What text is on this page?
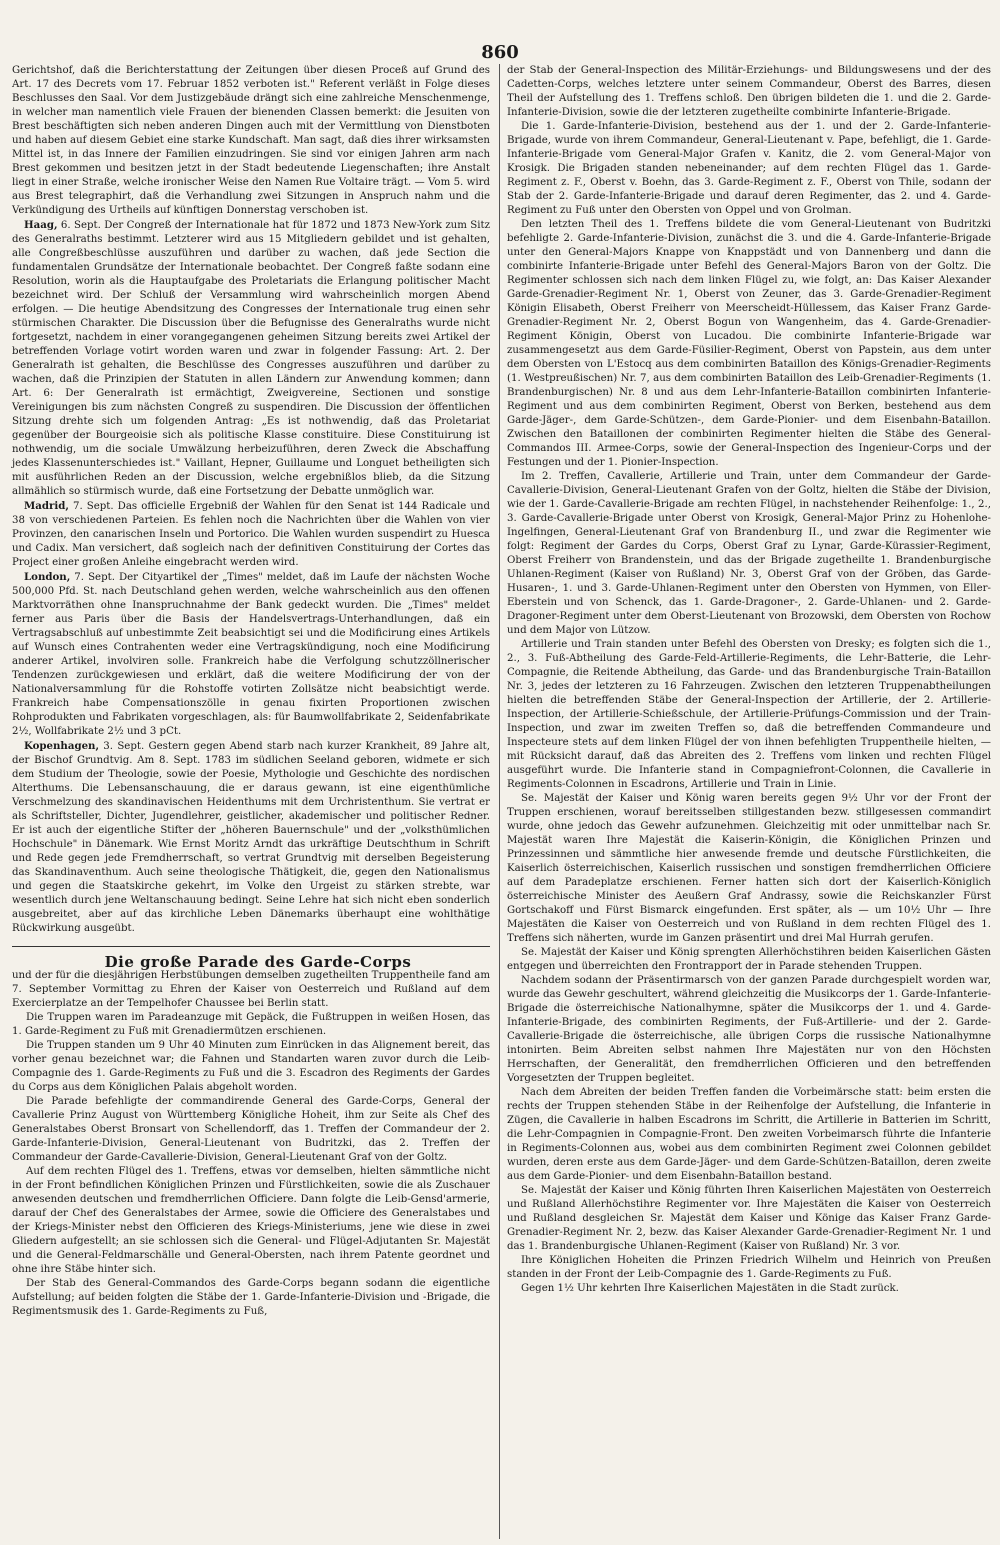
860

Gerichtshof, daß die Berichterstattung der Zeitungen über diesen Proceß auf Grund des Art. 17 des Decrets vom 17. Februar 1852 verboten ist." Referent verläßt in Folge dieses Beschlusses den Saal. Vor dem Justizgebäude drängt sich eine zahlreiche Menschenmenge, in welcher man namentlich viele Frauen der bienenden Classen bemerkt: die Jesuiten von Brest beschäftigten sich neben anderen Dingen auch mit der Vermittlung von Dienstboten und haben auf diesem Gebiet eine starke Kundschaft. Man sagt, daß dies ihrer wirksamsten Mittel ist, in das Innere der Familien einzudringen. Sie sind vor einigen Jahren arm nach Brest gekommen und besitzen jetzt in der Stadt bedeutende Liegenschaften; ihre Anstalt liegt in einer Straße, welche ironischer Weise den Namen Rue Voltaire trägt. — Vom 5. wird aus Brest telegraphirt, daß die Verhandlung zwei Sitzungen in Anspruch nahm und die Verkündigung des Urtheils auf künftigen Donnerstag verschoben ist.

Haag, 6. Sept. Der Congreß der Internationale hat für 1872 und 1873 New-York zum Sitz des Generalraths bestimmt. Letzterer wird aus 15 Mitgliedern gebildet und ist gehalten, alle Congreßbeschlüsse auszuführen und darüber zu wachen, daß jede Section die fundamentalen Grundsätze der Internationale beobachtet. Der Congreß faßte sodann eine Resolution, worin als die Hauptaufgabe des Proletariats die Erlangung politischer Macht bezeichnet wird. Der Schluß der Versammlung wird wahrscheinlich morgen Abend erfolgen. — Die heutige Abendsitzung des Congresses der Internationale trug einen sehr stürmischen Charakter. Die Discussion über die Befugnisse des Generalraths wurde nicht fortgesetzt, nachdem in einer vorangegangenen geheimen Sitzung bereits zwei Artikel der betreffenden Vorlage votirt worden waren und zwar in folgender Fassung: Art. 2. Der Generalrath ist gehalten, die Beschlüsse des Congresses auszuführen und darüber zu wachen, daß die Prinzipien der Statuten in allen Ländern zur Anwendung kommen; dann Art. 6: Der Generalrath ist ermächtigt, Zweigvereine, Sectionen und sonstige Vereinigungen bis zum nächsten Congreß zu suspendiren. Die Discussion der öffentlichen Sitzung drehte sich um folgenden Antrag: „Es ist nothwendig, daß das Proletariat gegenüber der Bourgeoisie sich als politische Klasse constituire. Diese Constituirung ist nothwendig, um die sociale Umwälzung herbeizuführen, deren Zweck die Abschaffung jedes Klassenunterschiedes ist." Vaillant, Hepner, Guillaume und Longuet betheiligten sich mit ausführlichen Reden an der Discussion, welche ergebnißlos blieb, da die Sitzung allmählich so stürmisch wurde, daß eine Fortsetzung der Debatte unmöglich war.

Madrid, 7. Sept. Das officielle Ergebniß der Wahlen für den Senat ist 144 Radicale und 38 von verschiedenen Parteien. Es fehlen noch die Nachrichten über die Wahlen von vier Provinzen, den canarischen Inseln und Portorico. Die Wahlen wurden suspendirt zu Huesca und Cadix. Man versichert, daß sogleich nach der definitiven Constituirung der Cortes das Project einer großen Anleihe eingebracht werden wird.

London, 7. Sept. Der Cityartikel der „Times" meldet, daß im Laufe der nächsten Woche 500,000 Pfd. St. nach Deutschland gehen werden, welche wahrscheinlich aus den offenen Marktvorräthen ohne Inanspruchnahme der Bank gedeckt wurden. Die „Times" meldet ferner aus Paris über die Basis der Handelsvertrags-Unterhandlungen, daß ein Vertragsabschluß auf unbestimmte Zeit beabsichtigt sei und die Modificirung eines Artikels auf Wunsch eines Contrahenten weder eine Vertragskündigung, noch eine Modificirung anderer Artikel, involviren solle. Frankreich habe die Verfolgung schutzzöllnerischer Tendenzen zurückgewiesen und erklärt, daß die weitere Modificirung der von der Nationalversammlung für die Rohstoffe votirten Zollsätze nicht beabsichtigt werde. Frankreich habe Compensationszölle in genau fixirten Proportionen zwischen Rohprodukten und Fabrikaten vorgeschlagen, als: für Baumwollfabrikate 2, Seidenfabrikate 2½, Wollfabrikate 2½ und 3 pCt.

Kopenhagen, 3. Sept. Gestern gegen Abend starb nach kurzer Krankheit, 89 Jahre alt, der Bischof Grundtvig. Am 8. Sept. 1783 im südlichen Seeland geboren, widmete er sich dem Studium der Theologie, sowie der Poesie, Mythologie und Geschichte des nordischen Alterthums. Die Lebensanschauung, die er daraus gewann, ist eine eigenthümliche Verschmelzung des skandinavischen Heidenthums mit dem Urchristenthum. Sie vertrat er als Schriftsteller, Dichter, Jugendlehrer, geistlicher, akademischer und politischer Redner. Er ist auch der eigentliche Stifter der „höheren Bauernschule" und der „volksthümlichen Hochschule" in Dänemark. Wie Ernst Moritz Arndt das urkräftige Deutschthum in Schrift und Rede gegen jede Fremdherrschaft, so vertrat Grundtvig mit derselben Begeisterung das Skandinaventhum. Auch seine theologische Thätigkeit, die, gegen den Nationalismus und gegen die Staatskirche gekehrt, im Volke den Urgeist zu stärken strebte, war wesentlich durch jene Weltanschauung bedingt. Seine Lehre hat sich nicht eben sonderlich ausgebreitet, aber auf das kirchliche Leben Dänemarks überhaupt eine wohlthätige Rückwirkung ausgeübt.

Die große Parade des Garde-Corps

und der für die diesjährigen Herbstübungen demselben zugetheilten Truppentheile fand am 7. September Vormittag zu Ehren der Kaiser von Oesterreich und Rußland auf dem Exercierplatze an der Tempelhofer Chaussee bei Berlin statt.

Die Truppen waren im Paradeanzuge mit Gepäck, die Fußtruppen in weißen Hosen, das 1. Garde-Regiment zu Fuß mit Grenadiermützen erschienen.

Die Truppen standen um 9 Uhr 40 Minuten zum Einrücken in das Alignement bereit, das vorher genau bezeichnet war; die Fahnen und Standarten waren zuvor durch die Leib-Compagnie des 1. Garde-Regiments zu Fuß und die 3. Escadron des Regiments der Gardes du Corps aus dem Königlichen Palais abgeholt worden.

Die Parade befehligte der commandirende General des Garde-Corps, General der Cavallerie Prinz August von Württemberg Königliche Hoheit, ihm zur Seite als Chef des Generalstabes Oberst Bronsart von Schellendorff, das 1. Treffen der Commandeur der 2. Garde-Infanterie-Division, General-Lieutenant von Budritzki, das 2. Treffen der Commandeur der Garde-Cavallerie-Division, General-Lieutenant Graf von der Goltz.

Auf dem rechten Flügel des 1. Treffens, etwas vor demselben, hielten sämmtliche nicht in der Front befindlichen Königlichen Prinzen und Fürstlichkeiten, sowie die als Zuschauer anwesenden deutschen und fremdherrlichen Officiere. Dann folgte die Leib-Gensd'armerie, darauf der Chef des Generalstabes der Armee, sowie die Officiere des Generalstabes und der Kriegs-Minister nebst den Officieren des Kriegs-Ministeriums, jene wie diese in zwei Gliedern aufgestellt; an sie schlossen sich die General- und Flügel-Adjutanten Sr. Majestät und die General-Feldmarschälle und General-Obersten, nach ihrem Patente geordnet und ohne ihre Stäbe hinter sich.

Der Stab des General-Commandos des Garde-Corps begann sodann die eigentliche Aufstellung; auf beiden folgten die Stäbe der 1. Garde-Infanterie-Division und -Brigade, die Regimentsmusik des 1. Garde-Regiments zu Fuß,

der Stab der General-Inspection des Militär-Erziehungs- und Bildungswesens und der des Cadetten-Corps, welches letztere unter seinem Commandeur, Oberst des Barres, diesen Theil der Aufstellung des 1. Treffens schloß. Den übrigen bildeten die 1. und die 2. Garde-Infanterie-Division, sowie die der letzteren zugetheilte combinirte Infanterie-Brigade.

Die 1. Garde-Infanterie-Division, bestehend aus der 1. und der 2. Garde-Infanterie-Brigade, wurde von ihrem Commandeur, General-Lieutenant v. Pape, befehligt, die 1. Garde-Infanterie-Brigade vom General-Major Grafen v. Kanitz, die 2. vom General-Major von Krosigk. Die Brigaden standen nebeneinander; auf dem rechten Flügel das 1. Garde-Regiment z. F., Oberst v. Boehn, das 3. Garde-Regiment z. F., Oberst von Thile, sodann der Stab der 2. Garde-Infanterie-Brigade und darauf deren Regimenter, das 2. und 4. Garde-Regiment zu Fuß unter den Obersten von Oppel und von Grolman.

Den letzten Theil des 1. Treffens bildete die vom General-Lieutenant von Budritzki befehligte 2. Garde-Infanterie-Division, zunächst die 3. und die 4. Garde-Infanterie-Brigade unter den General-Majors Knappe von Knappstädt und von Dannenberg und dann die combinirte Infanterie-Brigade unter Befehl des General-Majors Baron von der Goltz. Die Regimenter schlossen sich nach dem linken Flügel zu, wie folgt, an: Das Kaiser Alexander Garde-Grenadier-Regiment Nr. 1, Oberst von Zeuner, das 3. Garde-Grenadier-Regiment Königin Elisabeth, Oberst Freiherr von Meerscheidt-Hüllessem, das Kaiser Franz Garde-Grenadier-Regiment Nr. 2, Oberst Bogun von Wangenheim, das 4. Garde-Grenadier-Regiment Königin, Oberst von Lucadou. Die combinirte Infanterie-Brigade war zusammengesetzt aus dem Garde-Füsilier-Regiment, Oberst von Papstein, aus dem unter dem Obersten von L'Estocq aus dem combinirten Bataillon des Königs-Grenadier-Regiments (1. Westpreußischen) Nr. 7, aus dem combinirten Bataillon des Leib-Grenadier-Regiments (1. Brandenburgischen) Nr. 8 und aus dem Lehr-Infanterie-Bataillon combinirten Infanterie-Regiment und aus dem combinirten Regiment, Oberst von Berken, bestehend aus dem Garde-Jäger-, dem Garde-Schützen-, dem Garde-Pionier- und dem Eisenbahn-Bataillon. Zwischen den Bataillonen der combinirten Regimenter hielten die Stäbe des General-Commandos III. Armee-Corps, sowie der General-Inspection des Ingenieur-Corps und der Festungen und der 1. Pionier-Inspection.

Im 2. Treffen, Cavallerie, Artillerie und Train, unter dem Commandeur der Garde-Cavallerie-Division, General-Lieutenant Grafen von der Goltz, hielten die Stäbe der Division, wie der 1. Garde-Cavallerie-Brigade am rechten Flügel, in nachstehender Reihenfolge: 1., 2., 3. Garde-Cavallerie-Brigade unter Oberst von Krosigk, General-Major Prinz zu Hohenlohe-Ingelfingen, General-Lieutenant Graf von Brandenburg II., und zwar die Regimenter wie folgt: Regiment der Gardes du Corps, Oberst Graf zu Lynar, Garde-Kürassier-Regiment, Oberst Freiherr von Brandenstein, und das der Brigade zugetheilte 1. Brandenburgische Uhlanen-Regiment (Kaiser von Rußland) Nr. 3, Oberst Graf von der Gröben, das Garde-Husaren-, 1. und 3. Garde-Uhlanen-Regiment unter den Obersten von Hymmen, von Eller-Eberstein und von Schenck, das 1. Garde-Dragoner-, 2. Garde-Uhlanen- und 2. Garde-Dragoner-Regiment unter dem Oberst-Lieutenant von Brozowski, dem Obersten von Rochow und dem Major von Lützow.

Artillerie und Train standen unter Befehl des Obersten von Dresky; es folgten sich die 1., 2., 3. Fuß-Abtheilung des Garde-Feld-Artillerie-Regiments, die Lehr-Batterie, die Lehr-Compagnie, die Reitende Abtheilung, das Garde- und das Brandenburgische Train-Bataillon Nr. 3, jedes der letzteren zu 16 Fahrzeugen. Zwischen den letzteren Truppenabtheilungen hielten die betreffenden Stäbe der General-Inspection der Artillerie, der 2. Artillerie-Inspection, der Artillerie-Schießschule, der Artillerie-Prüfungs-Commission und der Train-Inspection, und zwar im zweiten Treffen so, daß die betreffenden Commandeure und Inspecteure stets auf dem linken Flügel der von ihnen befehligten Truppentheile hielten, — mit Rücksicht darauf, daß das Abreiten des 2. Treffens vom linken und rechten Flügel ausgeführt wurde. Die Infanterie stand in Compagniefront-Colonnen, die Cavallerie in Regiments-Colonnen in Escadrons, Artillerie und Train in Linie.

Se. Majestät der Kaiser und König waren bereits gegen 9½ Uhr vor der Front der Truppen erschienen, worauf bereitsselben stillgestanden bezw. stillgesessen commandirt wurde, ohne jedoch das Gewehr aufzunehmen. Gleichzeitig mit oder unmittelbar nach Sr. Majestät waren Ihre Majestät die Kaiserin-Königin, die Königlichen Prinzen und Prinzessinnen und sämmtliche hier anwesende fremde und deutsche Fürstlichkeiten, die Kaiserlich österreichischen, Kaiserlich russischen und sonstigen fremdherrlichen Officiere auf dem Paradeplatze erschienen. Ferner hatten sich dort der Kaiserlich-Königlich österreichische Minister des Aeußern Graf Andrassy, sowie die Reichskanzler Fürst Gortschakoff und Fürst Bismarck eingefunden. Erst später, als — um 10½ Uhr — Ihre Majestäten die Kaiser von Oesterreich und von Rußland in dem rechten Flügel des 1. Treffens sich näherten, wurde im Ganzen präsentirt und drei Mal Hurrah gerufen.

Se. Majestät der Kaiser und König sprengten Allerhöchstihren beiden Kaiserlichen Gästen entgegen und überreichten den Frontrapport der in Parade stehenden Truppen.

Nachdem sodann der Präsentirmarsch von der ganzen Parade durchgespielt worden war, wurde das Gewehr geschultert, während gleichzeitig die Musikcorps der 1. Garde-Infanterie-Brigade die österreichische Nationalhymne, später die Musikcorps der 1. und 4. Garde-Infanterie-Brigade, des combinirten Regiments, der Fuß-Artillerie- und der 2. Garde-Cavallerie-Brigade die österreichische, alle übrigen Corps die russische Nationalhymne intonirten. Beim Abreiten selbst nahmen Ihre Majestäten nur von den Höchsten Herrschaften, der Generalität, den fremdherrlichen Officieren und den betreffenden Vorgesetzten der Truppen begleitet.

Nach dem Abreiten der beiden Treffen fanden die Vorbeimärsche statt: beim ersten die rechts der Truppen stehenden Stäbe in der Reihenfolge der Aufstellung, die Infanterie in Zügen, die Cavallerie in halben Escadrons im Schritt, die Artillerie in Batterien im Schritt, die Lehr-Compagnien in Compagnie-Front. Den zweiten Vorbeimarsch führte die Infanterie in Regiments-Colonnen aus, wobei aus dem combinirten Regiment zwei Colonnen gebildet wurden, deren erste aus dem Garde-Jäger- und dem Garde-Schützen-Bataillon, deren zweite aus dem Garde-Pionier- und dem Eisenbahn-Bataillon bestand.

Se. Majestät der Kaiser und König führten Ihren Kaiserlichen Majestäten von Oesterreich und Rußland Allerhöchstihre Regimenter vor. Ihre Majestäten die Kaiser von Oesterreich und Rußland desgleichen Sr. Majestät dem Kaiser und Könige das Kaiser Franz Garde-Grenadier-Regiment Nr. 2, bezw. das Kaiser Alexander Garde-Grenadier-Regiment Nr. 1 und das 1. Brandenburgische Uhlanen-Regiment (Kaiser von Rußland) Nr. 3 vor.

Ihre Königlichen Hoheiten die Prinzen Friedrich Wilhelm und Heinrich von Preußen standen in der Front der Leib-Compagnie des 1. Garde-Regiments zu Fuß.

Gegen 1½ Uhr kehrten Ihre Kaiserlichen Majestäten in die Stadt zurück.
